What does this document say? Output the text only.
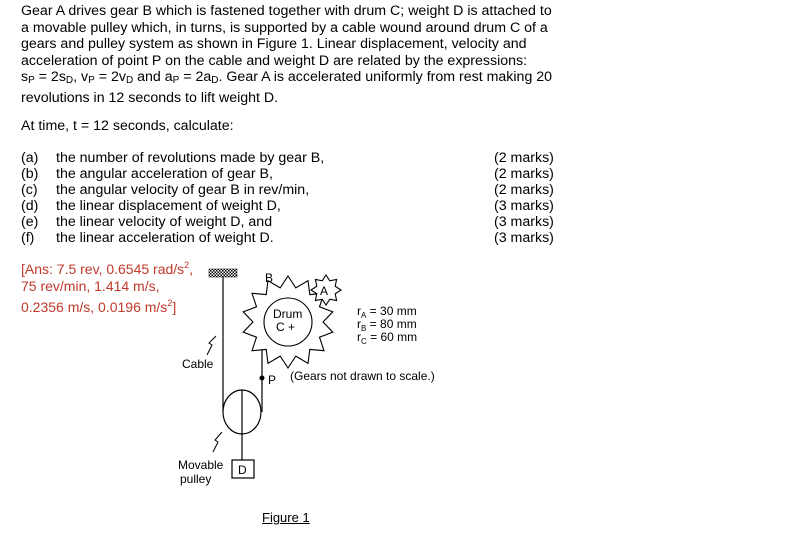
Gear A drives gear B which is fastened together with drum C; weight D is attached to
a movable pulley which, in turns, is supported by a cable wound around drum C of a
gears and pulley system as shown in Figure 1. Linear displacement, velocity and
acceleration of point P on the cable and weight D are related by the expressions:
$s_P = 2s_D$, $v_P = 2v_D$ and $a_P = 2a_D$. Gear A is accelerated uniformly from rest making 20
revolutions in 12 seconds to lift weight D.
At time, t = 12 seconds, calculate:
(a) the number of revolutions made by gear B,	(2 marks)
(b) the angular acceleration of gear B,	(2 marks)
(c) the angular velocity of gear B in rev/min,	(2 marks)
(d) the linear displacement of weight D,	(3 marks)
(e) the linear velocity of weight D, and	(3 marks)
(f) the linear acceleration of weight D.	(3 marks)
[Ans: 7.5 rev, 0.6545 rad/$s^2$,
75 rev/min, 1.414 m/s,
0.2356 m/s, 0.0196 $m/s^2$]
B
A
Drum
C +
$r_A = 30$ mm
$r_B = 80$ mm
$r_C = 60$ mm
Cable
P (Gears not drawn to scale.)
Movable
pulley
D
Figure 1
